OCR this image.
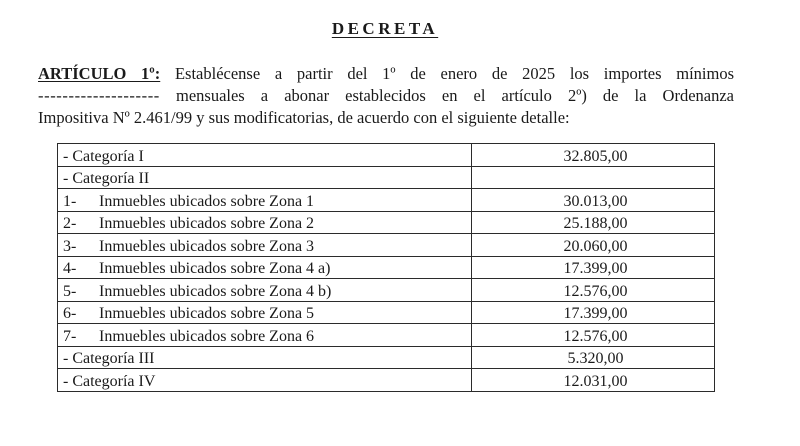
DECRETA
ARTÍCULO 1º: Establécense a partir del 1º de enero de 2025 los importes mínimos
-------------------- mensuales a abonar establecidos en el artículo 2º) de la Ordenanza
Impositiva Nº 2.461/99 y sus modificatorias, de acuerdo con el siguiente detalle:
- Categoría I	32.805,00
- Categoría II	
1- Inmuebles ubicados sobre Zona 1	30.013,00
2- Inmuebles ubicados sobre Zona 2	25.188,00
3- Inmuebles ubicados sobre Zona 3	20.060,00
4- Inmuebles ubicados sobre Zona 4 a)	17.399,00
5- Inmuebles ubicados sobre Zona 4 b)	12.576,00
6- Inmuebles ubicados sobre Zona 5	17.399,00
7- Inmuebles ubicados sobre Zona 6	12.576,00
- Categoría III	5.320,00
- Categoría IV	12.031,00
